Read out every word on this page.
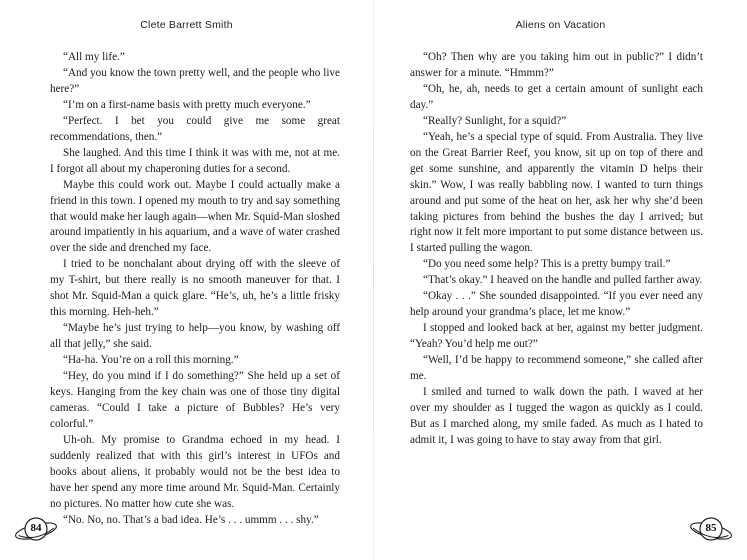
Clete Barrett Smith

“All my life.”

“And you know the town pretty well, and the people who live here?”

“I’m on a first-name basis with pretty much everyone.”

“Perfect. I bet you could give me some great recommendations, then.”

She laughed. And this time I think it was with me, not at me. I forgot all about my chaperoning duties for a second.

Maybe this could work out. Maybe I could actually make a friend in this town. I opened my mouth to try and say something that would make her laugh again—when Mr. Squid-Man sloshed around impatiently in his aquarium, and a wave of water crashed over the side and drenched my face.

I tried to be nonchalant about drying off with the sleeve of my T-shirt, but there really is no smooth maneuver for that. I shot Mr. Squid-Man a quick glare. “He’s, uh, he’s a little frisky this morning. Heh-heh.”

“Maybe he’s just trying to help—you know, by washing off all that jelly,” she said.

“Ha-ha. You’re on a roll this morning.”

“Hey, do you mind if I do something?” She held up a set of keys. Hanging from the key chain was one of those tiny digital cameras. “Could I take a picture of Bubbles? He’s very colorful.”

Uh-oh. My promise to Grandma echoed in my head. I suddenly realized that with this girl’s interest in UFOs and books about aliens, it probably would not be the best idea to have her spend any more time around Mr. Squid-Man. Certainly no pictures. No matter how cute she was.

“No. No, no. That’s a bad idea. He’s . . . ummm . . . shy.”

84
Aliens on Vacation

“Oh? Then why are you taking him out in public?” I didn’t answer for a minute. “Hmmm?”

“Oh, he, ah, needs to get a certain amount of sunlight each day.”

“Really? Sunlight, for a squid?”

“Yeah, he’s a special type of squid. From Australia. They live on the Great Barrier Reef, you know, sit up on top of there and get some sunshine, and apparently the vitamin D helps their skin.” Wow, I was really babbling now. I wanted to turn things around and put some of the heat on her, ask her why she’d been taking pictures from behind the bushes the day I arrived; but right now it felt more important to put some distance between us. I started pulling the wagon.

“Do you need some help? This is a pretty bumpy trail.”

“That’s okay.” I heaved on the handle and pulled farther away.

“Okay . . .” She sounded disappointed. “If you ever need any help around your grandma’s place, let me know.”

I stopped and looked back at her, against my better judgment. “Yeah? You’d help me out?”

“Well, I’d be happy to recommend someone,” she called after me.

I smiled and turned to walk down the path. I waved at her over my shoulder as I tugged the wagon as quickly as I could. But as I marched along, my smile faded. As much as I hated to admit it, I was going to have to stay away from that girl.

85
